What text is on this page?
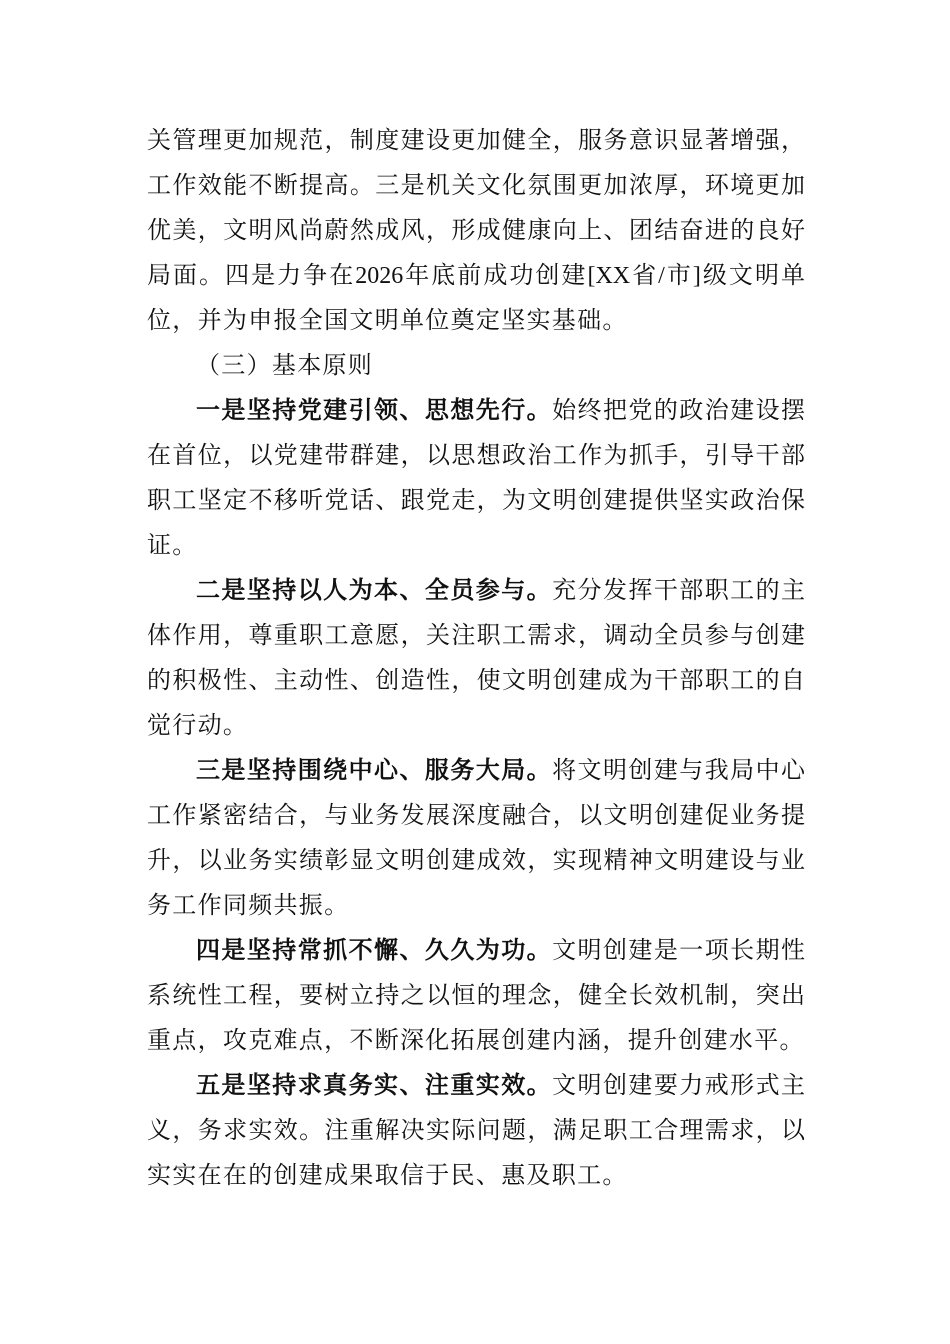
关管理更加规范，制度建设更加健全，服务意识显著增强，
工作效能不断提高。三是机关文化氛围更加浓厚，环境更加
优美，文明风尚蔚然成风，形成健康向上、团结奋进的良好
局面。四是力争在2026年底前成功创建[XX省/市]级文明单
位，并为申报全国文明单位奠定坚实基础。
（三）基本原则
一是坚持党建引领、思想先行。始终把党的政治建设摆
在首位，以党建带群建，以思想政治工作为抓手，引导干部
职工坚定不移听党话、跟党走，为文明创建提供坚实政治保
证。
二是坚持以人为本、全员参与。充分发挥干部职工的主
体作用，尊重职工意愿，关注职工需求，调动全员参与创建
的积极性、主动性、创造性，使文明创建成为干部职工的自
觉行动。
三是坚持围绕中心、服务大局。将文明创建与我局中心
工作紧密结合，与业务发展深度融合，以文明创建促业务提
升，以业务实绩彰显文明创建成效，实现精神文明建设与业
务工作同频共振。
四是坚持常抓不懈、久久为功。文明创建是一项长期性
系统性工程，要树立持之以恒的理念，健全长效机制，突出
重点，攻克难点，不断深化拓展创建内涵，提升创建水平。
五是坚持求真务实、注重实效。文明创建要力戒形式主
义，务求实效。注重解决实际问题，满足职工合理需求，以
实实在在的创建成果取信于民、惠及职工。
